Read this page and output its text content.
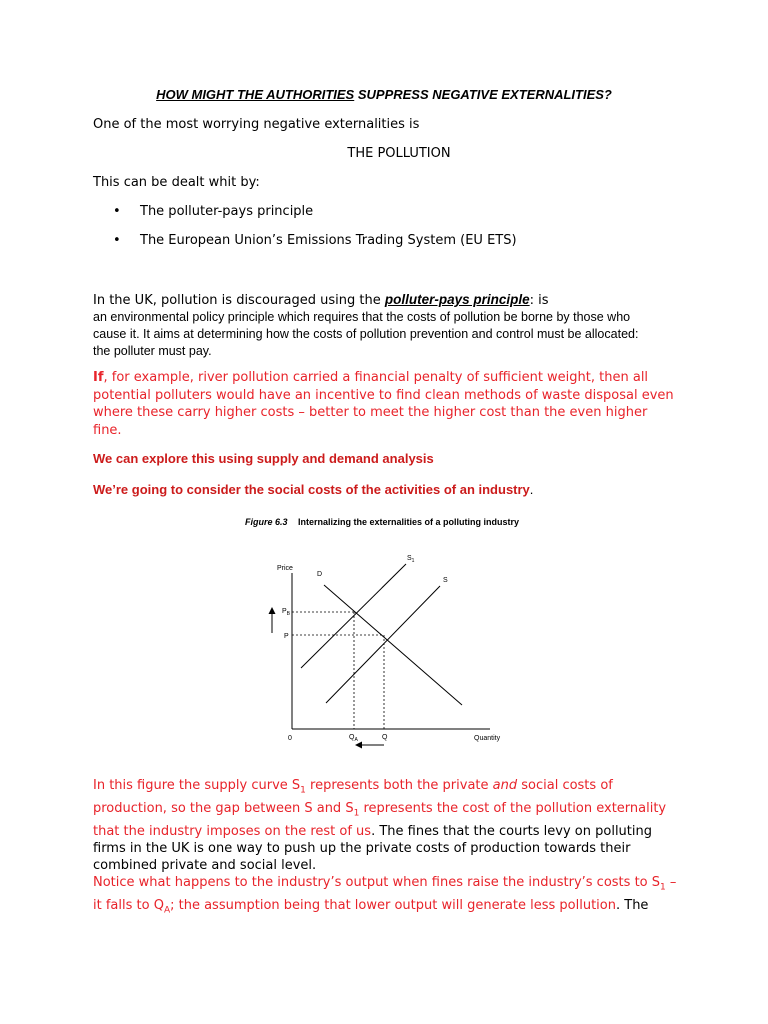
HOW MIGHT THE AUTHORITIES SUPPRESS NEGATIVE EXTERNALITIES?
One of the most worrying negative externalities is
THE POLLUTION
This can be dealt whit by:
• The polluter-pays principle
• The European Union’s Emissions Trading System (EU ETS)
In the UK, pollution is discouraged using the polluter-pays principle: is
an environmental policy principle which requires that the costs of pollution be borne by those who
cause it. It aims at determining how the costs of pollution prevention and control must be allocated:
the polluter must pay.
If, for example, river pollution carried a financial penalty of sufficient weight, then all
potential polluters would have an incentive to find clean methods of waste disposal even
where these carry higher costs – better to meet the higher cost than the even higher
fine.
We can explore this using supply and demand analysis
We’re going to consider the social costs of the activities of an industry.
Figure 6.3 Internalizing the externalities of a polluting industry
Price
Quantity
0
D
S
$S_1$
$P_B$
P
$Q_A$	Q
In this figure the supply curve $S_1$ represents both the private and social costs of
production, so the gap between S and $S_1$ represents the cost of the pollution externality
that the industry imposes on the rest of us. The fines that the courts levy on polluting
firms in the UK is one way to push up the private costs of production towards their
combined private and social level.
Notice what happens to the industry’s output when fines raise the industry’s costs to $S_1$ –
it falls to $Q_A$; the assumption being that lower output will generate less pollution. The
